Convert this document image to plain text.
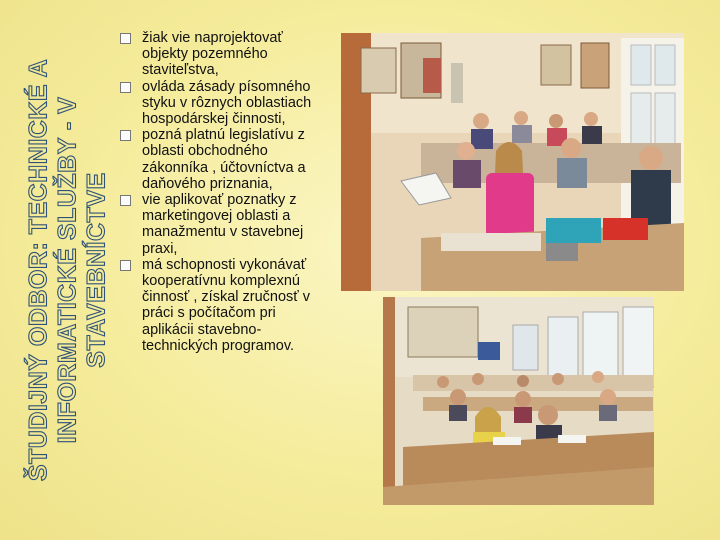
ŠTUDIJNÝ ODBOR: TECHNICKÉ A INFORMATICKÉ SLUŽBY - V STAVEBNÍCTVE
žiak vie naprojektovať objekty pozemného staviteľstva,
ovláda zásady písomného styku v rôznych oblastiach hospodárskej činnosti,
pozná platnú legislatívu z oblasti obchodného zákonníka , účtovníctva a daňového priznania,
vie aplikovať poznatky z marketingovej oblasti a manažmentu v stavebnej praxi,
má schopnosti vykonávať kooperatívnu komplexnú činnosť , získal zručnosť v práci s počítačom pri aplikácii stavebno-technických programov.
